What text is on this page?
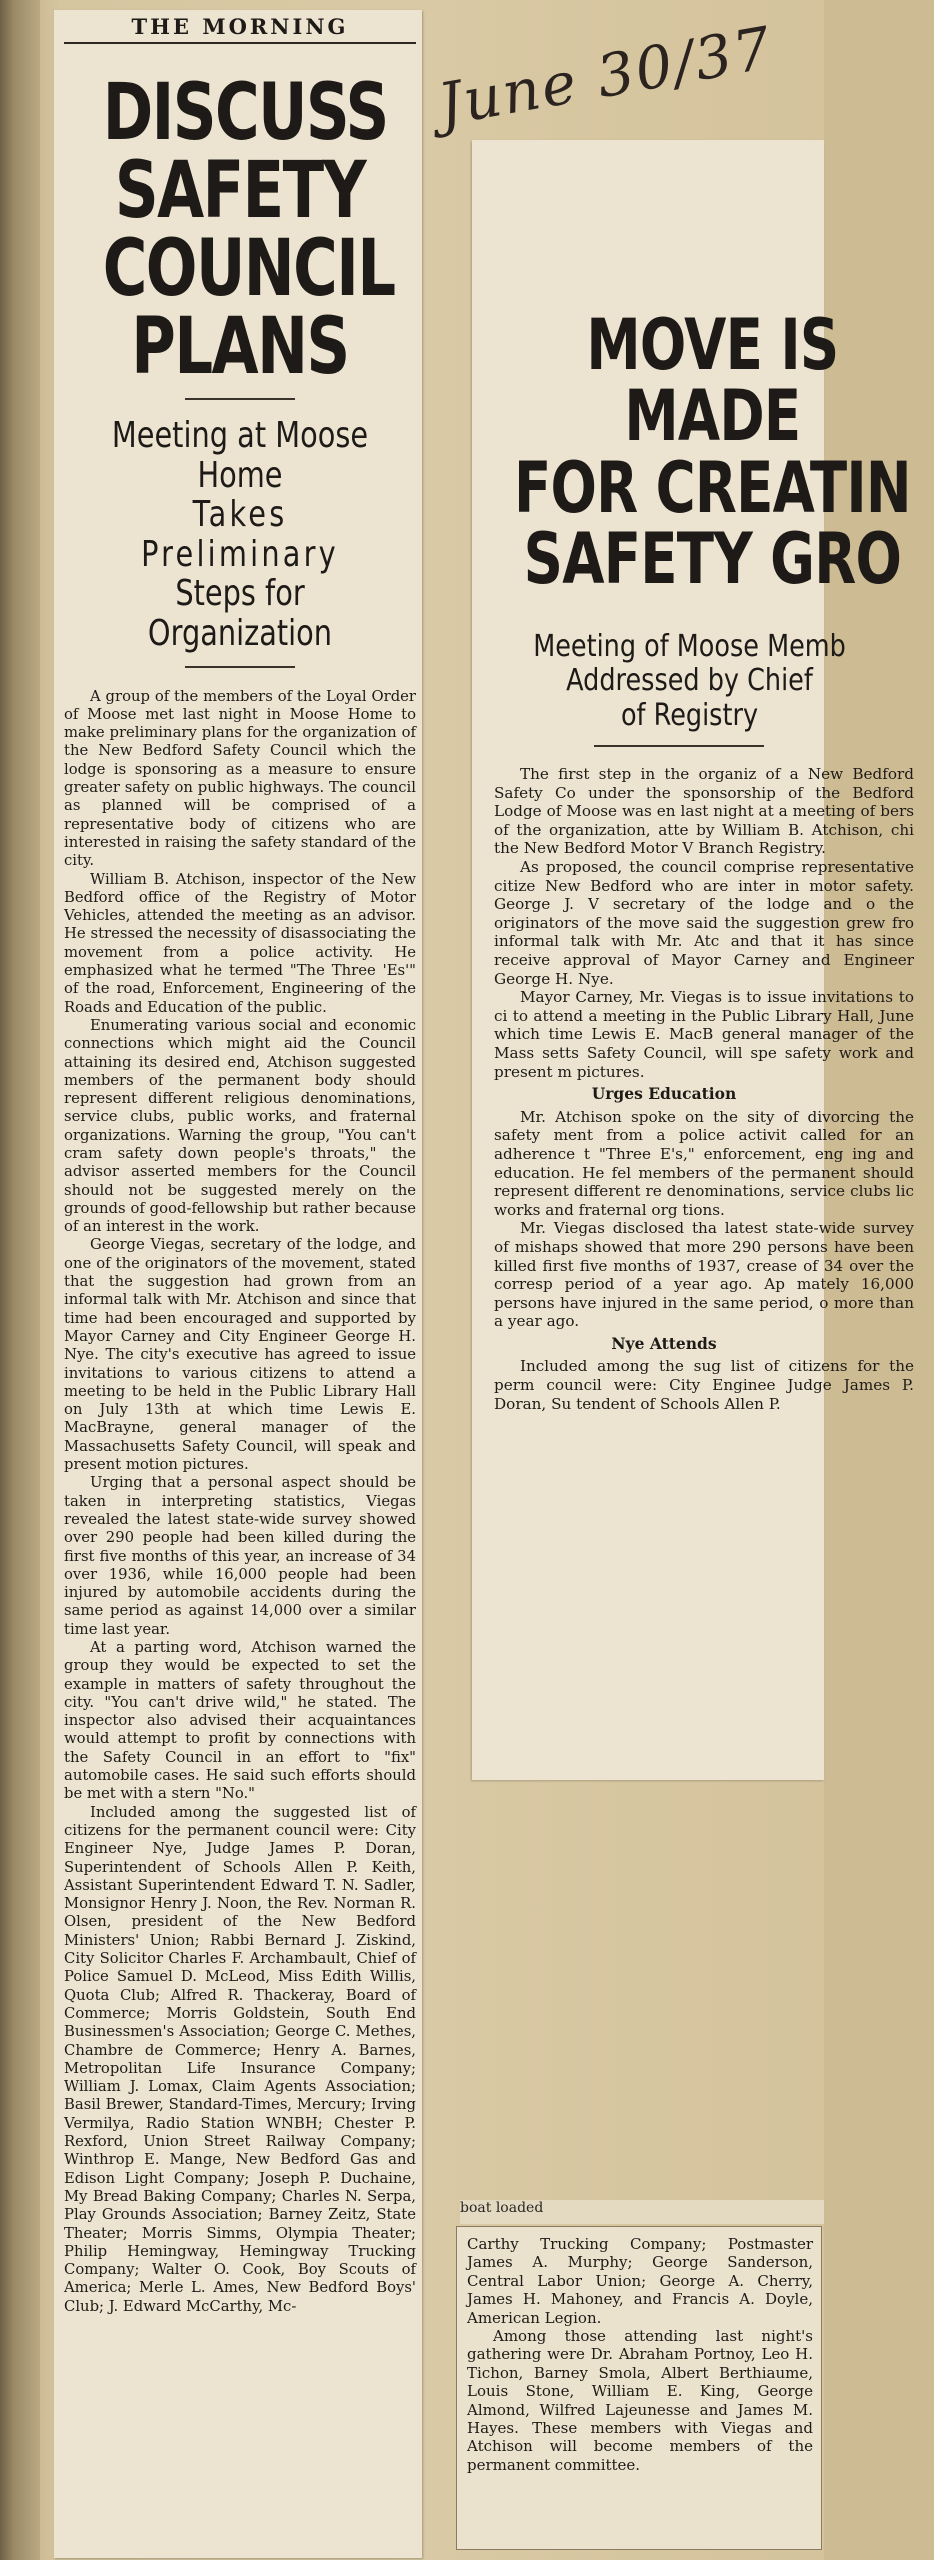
June 30/37
THE MORNING
DISCUSS SAFETY
COUNCIL PLANS
Meeting at Moose Home
Takes Preliminary
Steps for Organization

A group of the members of the Loyal Order of Moose met last night in Moose Home to make preliminary plans for the organization of the New Bedford Safety Council which the lodge is sponsoring as a measure to ensure greater safety on public highways. The council as planned will be comprised of a representative body of citizens who are interested in raising the safety standard of the city.

William B. Atchison, inspector of the New Bedford office of the Registry of Motor Vehicles, attended the meeting as an advisor. He stressed the necessity of disassociating the movement from a police activity. He emphasized what he termed "The Three 'Es'" of the road, Enforcement, Engineering of the Roads and Education of the public.

Enumerating various social and economic connections which might aid the Council attaining its desired end, Atchison suggested members of the permanent body should represent different religious denominations, service clubs, public works, and fraternal organizations. Warning the group, "You can't cram safety down people's throats," the advisor asserted members for the Council should not be suggested merely on the grounds of good-fellowship but rather because of an interest in the work.

George Viegas, secretary of the lodge, and one of the originators of the movement, stated that the suggestion had grown from an informal talk with Mr. Atchison and since that time had been encouraged and supported by Mayor Carney and City Engineer George H. Nye. The city's executive has agreed to issue invitations to various citizens to attend a meeting to be held in the Public Library Hall on July 13th at which time Lewis E. MacBrayne, general manager of the Massachusetts Safety Council, will speak and present motion pictures.

Urging that a personal aspect should be taken in interpreting statistics, Viegas revealed the latest state-wide survey showed over 290 people had been killed during the first five months of this year, an increase of 34 over 1936, while 16,000 people had been injured by automobile accidents during the same period as against 14,000 over a similar time last year.

At a parting word, Atchison warned the group they would be expected to set the example in matters of safety throughout the city. "You can't drive wild," he stated. The inspector also advised their acquaintances would attempt to profit by connections with the Safety Council in an effort to "fix" automobile cases. He said such efforts should be met with a stern "No."

Included among the suggested list of citizens for the permanent council were: City Engineer Nye, Judge James P. Doran, Superintendent of Schools Allen P. Keith, Assistant Superintendent Edward T. N. Sadler, Monsignor Henry J. Noon, the Rev. Norman R. Olsen, president of the New Bedford Ministers' Union; Rabbi Bernard J. Ziskind, City Solicitor Charles F. Archambault, Chief of Police Samuel D. McLeod, Miss Edith Willis, Quota Club; Alfred R. Thackeray, Board of Commerce; Morris Goldstein, South End Businessmen's Association; George C. Methes, Chambre de Commerce; Henry A. Barnes, Metropolitan Life Insurance Company; William J. Lomax, Claim Agents Association; Basil Brewer, Standard-Times, Mercury; Irving Vermilya, Radio Station WNBH; Chester P. Rexford, Union Street Railway Company; Winthrop E. Mange, New Bedford Gas and Edison Light Company; Joseph P. Duchaine, My Bread Baking Company; Charles N. Serpa, Play Grounds Association; Barney Zeitz, State Theater; Morris Simms, Olympia Theater; Philip Hemingway, Hemingway Trucking Company; Walter O. Cook, Boy Scouts of America; Merle L. Ames, New Bedford Boys' Club; J. Edward McCarthy, Mc-

MOVE IS MADE
FOR CREATIN
SAFETY GRO
Meeting of Moose Memb
Addressed by Chief
of Registry

The first step in the organiz of a New Bedford Safety Co under the sponsorship of the Bedford Lodge of Moose was en last night at a meeting of bers of the organization, atte by William B. Atchison, chi the New Bedford Motor V Branch Registry.

As proposed, the council comprise representative citize New Bedford who are inter in motor safety. George J. V secretary of the lodge and o the originators of the move said the suggestion grew fro informal talk with Mr. Atc and that it has since receive approval of Mayor Carney and Engineer George H. Nye.

Mayor Carney, Mr. Viegas is to issue invitations to ci to attend a meeting in the Public Library Hall, June which time Lewis E. MacB general manager of the Mass setts Safety Council, will spe safety work and present m pictures.

Urges Education

Mr. Atchison spoke on the sity of divorcing the safety ment from a police activit called for an adherence t "Three E's," enforcement, eng ing and education. He fel members of the permanent should represent different re denominations, service clubs lic works and fraternal org tions.

Mr. Viegas disclosed tha latest state-wide survey of mishaps showed that more 290 persons have been killed first five months of 1937, crease of 34 over the corresp period of a year ago. Ap mately 16,000 persons have injured in the same period, o more than a year ago.

Nye Attends

Included among the sug list of citizens for the perm council were: City Enginee Judge James P. Doran, Su tendent of Schools Allen P.

boat loaded

Carthy Trucking Company; Postmaster James A. Murphy; George Sanderson, Central Labor Union; George A. Cherry, James H. Mahoney, and Francis A. Doyle, American Legion.

Among those attending last night's gathering were Dr. Abraham Portnoy, Leo H. Tichon, Barney Smola, Albert Berthiaume, Louis Stone, William E. King, George Almond, Wilfred Lajeunesse and James M. Hayes. These members with Viegas and Atchison will become members of the permanent committee.
